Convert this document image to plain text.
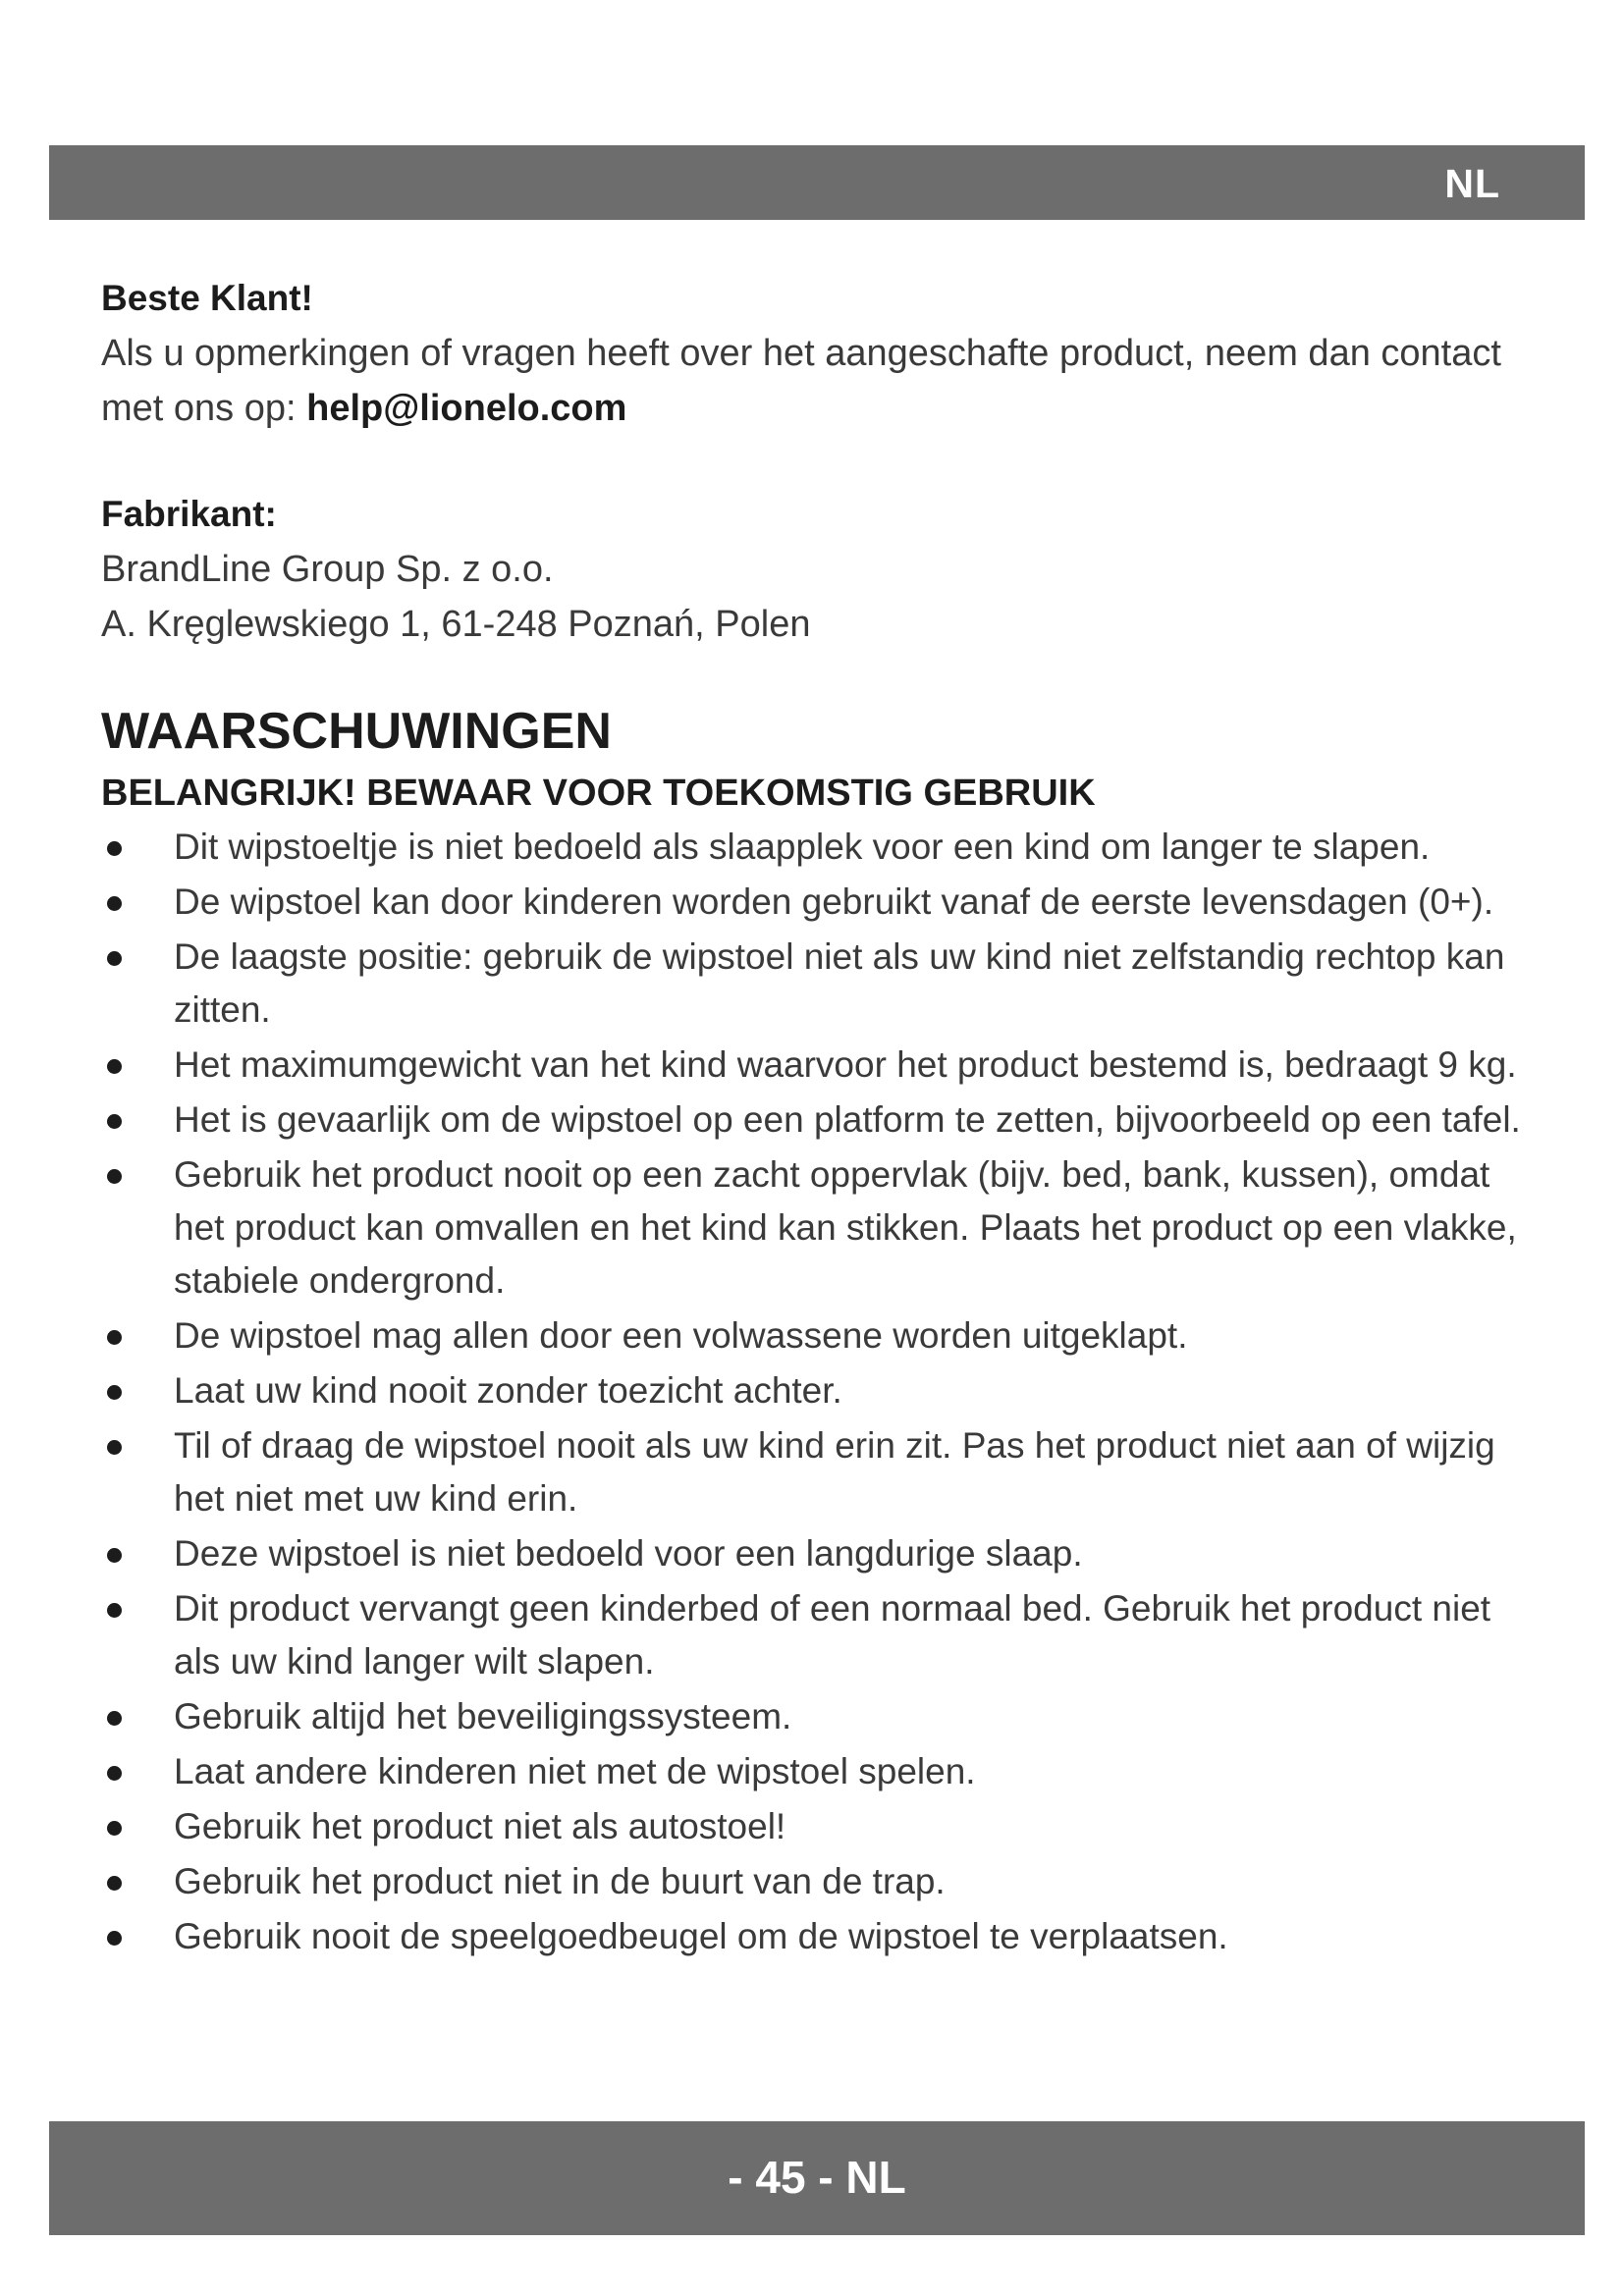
NL
Beste Klant!
Als u opmerkingen of vragen heeft over het aangeschafte product, neem dan contact met ons op: help@lionelo.com
Fabrikant:
BrandLine Group Sp. z o.o.
A. Kręglewskiego 1, 61-248 Poznań, Polen
WAARSCHUWINGEN
BELANGRIJK! BEWAAR VOOR TOEKOMSTIG GEBRUIK
Dit wipstoeltje is niet bedoeld als slaapplek voor een kind om langer te slapen.
De wipstoel kan door kinderen worden gebruikt vanaf de eerste levensdagen (0+).
De laagste positie: gebruik de wipstoel niet als uw kind niet zelfstandig rechtop kan zitten.
Het maximumgewicht van het kind waarvoor het product bestemd is, bedraagt 9 kg.
Het is gevaarlijk om de wipstoel op een platform te zetten, bijvoorbeeld op een tafel.
Gebruik het product nooit op een zacht oppervlak (bijv. bed, bank, kussen), omdat het product kan omvallen en het kind kan stikken. Plaats het product op een vlakke, stabiele ondergrond.
De wipstoel mag allen door een volwassene worden uitgeklapt.
Laat uw kind nooit zonder toezicht achter.
Til of draag de wipstoel nooit als uw kind erin zit. Pas het product niet aan of wijzig het niet met uw kind erin.
Deze wipstoel is niet bedoeld voor een langdurige slaap.
Dit product vervangt geen kinderbed of een normaal bed. Gebruik het product niet als uw kind langer wilt slapen.
Gebruik altijd het beveiligingssysteem.
Laat andere kinderen niet met de wipstoel spelen.
Gebruik het product niet als autostoel!
Gebruik het product niet in de buurt van de trap.
Gebruik nooit de speelgoedbeugel om de wipstoel te verplaatsen.
- 45 - NL
